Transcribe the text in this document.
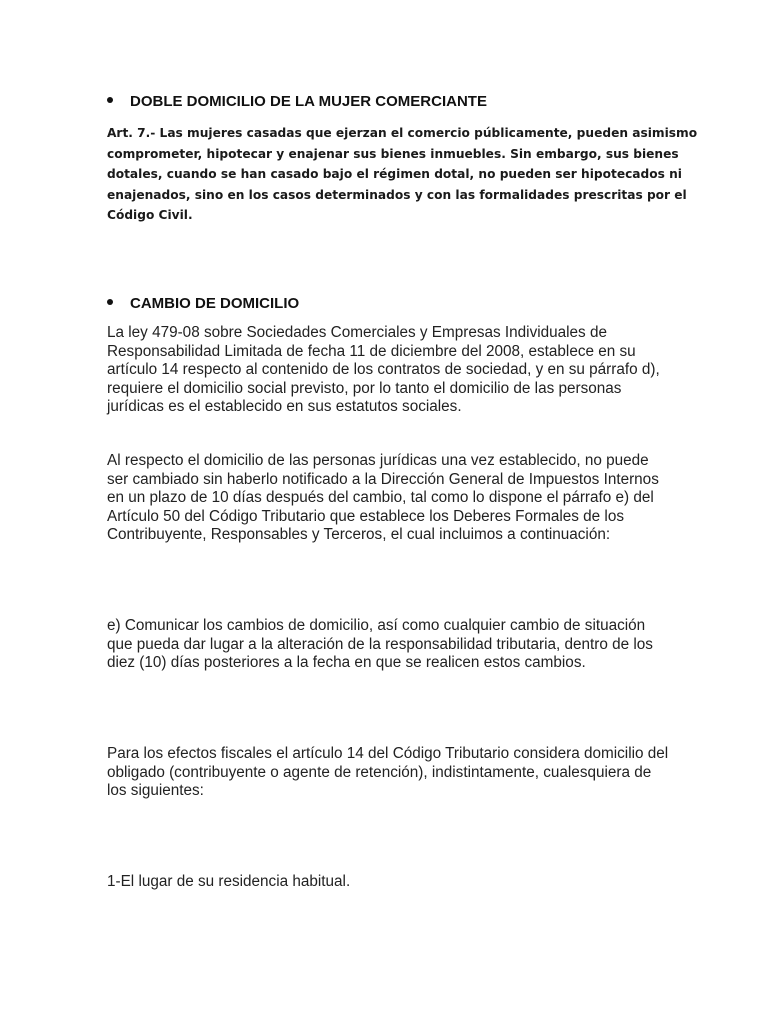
DOBLE DOMICILIO DE LA MUJER COMERCIANTE
Art. 7.- Las mujeres casadas que ejerzan el comercio públicamente, pueden asimismo
comprometer, hipotecar y enajenar sus bienes inmuebles. Sin embargo, sus bienes
dotales, cuando se han casado bajo el régimen dotal, no pueden ser hipotecados ni
enajenados, sino en los casos determinados y con las formalidades prescritas por el
Código Civil.
CAMBIO DE DOMICILIO
La ley 479-08 sobre Sociedades Comerciales y Empresas Individuales de
Responsabilidad Limitada de fecha 11 de diciembre del 2008, establece en su
artículo 14 respecto al contenido de los contratos de sociedad, y en su párrafo d),
requiere el domicilio social previsto, por lo tanto el domicilio de las personas
jurídicas es el establecido en sus estatutos sociales.
Al respecto el domicilio de las personas jurídicas una vez establecido, no puede
ser cambiado sin haberlo notificado a la Dirección General de Impuestos Internos
en un plazo de 10 días después del cambio, tal como lo dispone el párrafo e) del
Artículo 50 del Código Tributario que establece los Deberes Formales de los
Contribuyente, Responsables y Terceros, el cual incluimos a continuación:
e) Comunicar los cambios de domicilio, así como cualquier cambio de situación
que pueda dar lugar a la alteración de la responsabilidad tributaria, dentro de los
diez (10) días posteriores a la fecha en que se realicen estos cambios.
Para los efectos fiscales el artículo 14 del Código Tributario considera domicilio del
obligado (contribuyente o agente de retención), indistintamente, cualesquiera de
los siguientes:
1-El lugar de su residencia habitual.
